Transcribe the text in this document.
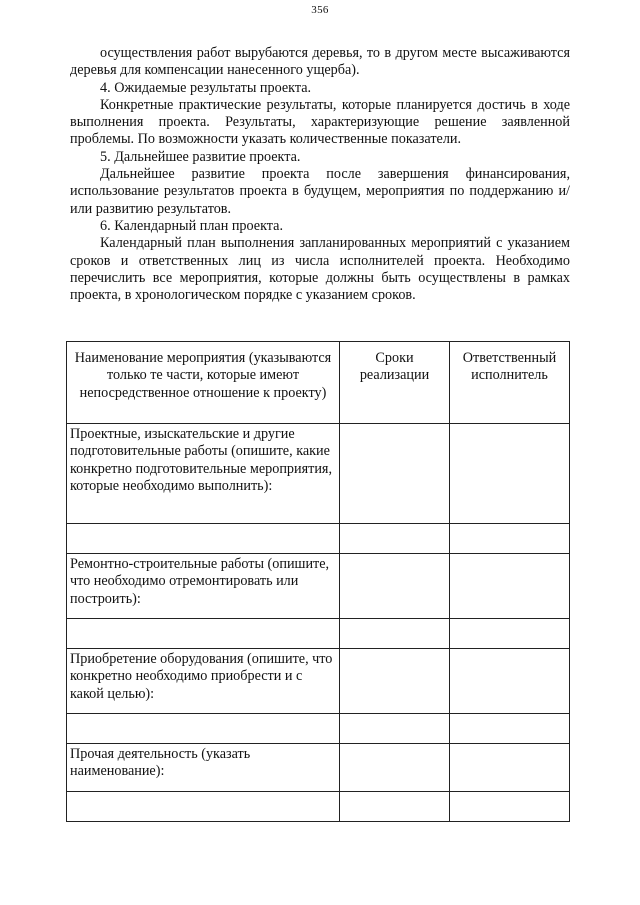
356

осуществления работ вырубаются деревья, то в другом месте высаживаются деревья для компенсации нанесенного ущерба).

4. Ожидаемые результаты проекта.

Конкретные практические результаты, которые планируется достичь в ходе выполнения проекта. Результаты, характеризующие решение заявленной проблемы. По возможности указать количественные показатели.

5. Дальнейшее развитие проекта.

Дальнейшее развитие проекта после завершения финансирования, использование результатов проекта в будущем, мероприятия по поддержанию и/или развитию результатов.

6. Календарный план проекта.

Календарный план выполнения запланированных мероприятий с указанием сроков и ответственных лиц из числа исполнителей проекта. Необходимо перечислить все мероприятия, которые должны быть осуществлены в рамках проекта, в хронологическом порядке с указанием сроков.

Наименование мероприятия (указываются только те части, которые имеют непосредственное отношение к проекту)	Сроки реализации	Ответственный исполнитель
Проектные, изыскательские и другие подготовительные работы (опишите, какие конкретно подготовительные мероприятия, которые необходимо выполнить):		

Ремонтно-строительные работы (опишите, что необходимо отремонтировать или построить):		

Приобретение оборудования (опишите, что конкретно необходимо приобрести и с какой целью):		

Прочая деятельность (указать наименование):		
